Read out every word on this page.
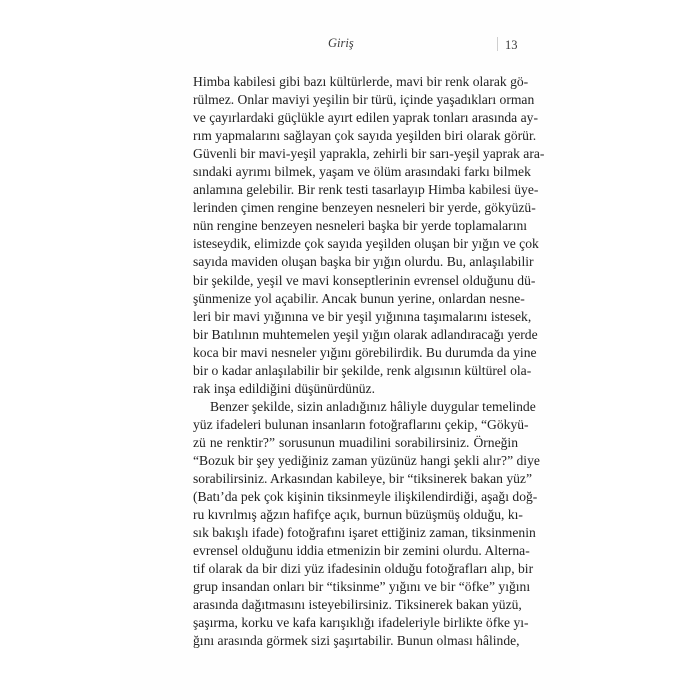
Giriş	13
Himba kabilesi gibi bazı kültürlerde, mavi bir renk olarak gö-
rülmez. Onlar maviyi yeşilin bir türü, içinde yaşadıkları orman
ve çayırlardaki güçlükle ayırt edilen yaprak tonları arasında ay-
rım yapmalarını sağlayan çok sayıda yeşilden biri olarak görür.
Güvenli bir mavi-yeşil yaprakla, zehirli bir sarı-yeşil yaprak ara-
sındaki ayrımı bilmek, yaşam ve ölüm arasındaki farkı bilmek
anlamına gelebilir. Bir renk testi tasarlayıp Himba kabilesi üye-
lerinden çimen rengine benzeyen nesneleri bir yerde, gökyüzü-
nün rengine benzeyen nesneleri başka bir yerde toplamalarını
isteseydik, elimizde çok sayıda yeşilden oluşan bir yığın ve çok
sayıda maviden oluşan başka bir yığın olurdu. Bu, anlaşılabilir
bir şekilde, yeşil ve mavi konseptlerinin evrensel olduğunu dü-
şünmenize yol açabilir. Ancak bunun yerine, onlardan nesne-
leri bir mavi yığınına ve bir yeşil yığınına taşımalarını istesek,
bir Batılının muhtemelen yeşil yığın olarak adlandıracağı yerde
koca bir mavi nesneler yığını görebilirdik. Bu durumda da yine
bir o kadar anlaşılabilir bir şekilde, renk algısının kültürel ola-
rak inşa edildiğini düşünürdünüz.
Benzer şekilde, sizin anladığınız hâliyle duygular temelinde
yüz ifadeleri bulunan insanların fotoğraflarını çekip, “Gökyü-
zü ne renktir?” sorusunun muadilini sorabilirsiniz. Örneğin
“Bozuk bir şey yediğiniz zaman yüzünüz hangi şekli alır?” diye
sorabilirsiniz. Arkasından kabileye, bir “tiksinerek bakan yüz”
(Batı’da pek çok kişinin tiksinmeyle ilişkilendirdiği, aşağı doğ-
ru kıvrılmış ağzın hafifçe açık, burnun büzüşmüş olduğu, kı-
sık bakışlı ifade) fotoğrafını işaret ettiğiniz zaman, tiksinmenin
evrensel olduğunu iddia etmenizin bir zemini olurdu. Alterna-
tif olarak da bir dizi yüz ifadesinin olduğu fotoğrafları alıp, bir
grup insandan onları bir “tiksinme” yığını ve bir “öfke” yığını
arasında dağıtmasını isteyebilirsiniz. Tiksinerek bakan yüzü,
şaşırma, korku ve kafa karışıklığı ifadeleriyle birlikte öfke yı-
ğını arasında görmek sizi şaşırtabilir. Bunun olması hâlinde,
